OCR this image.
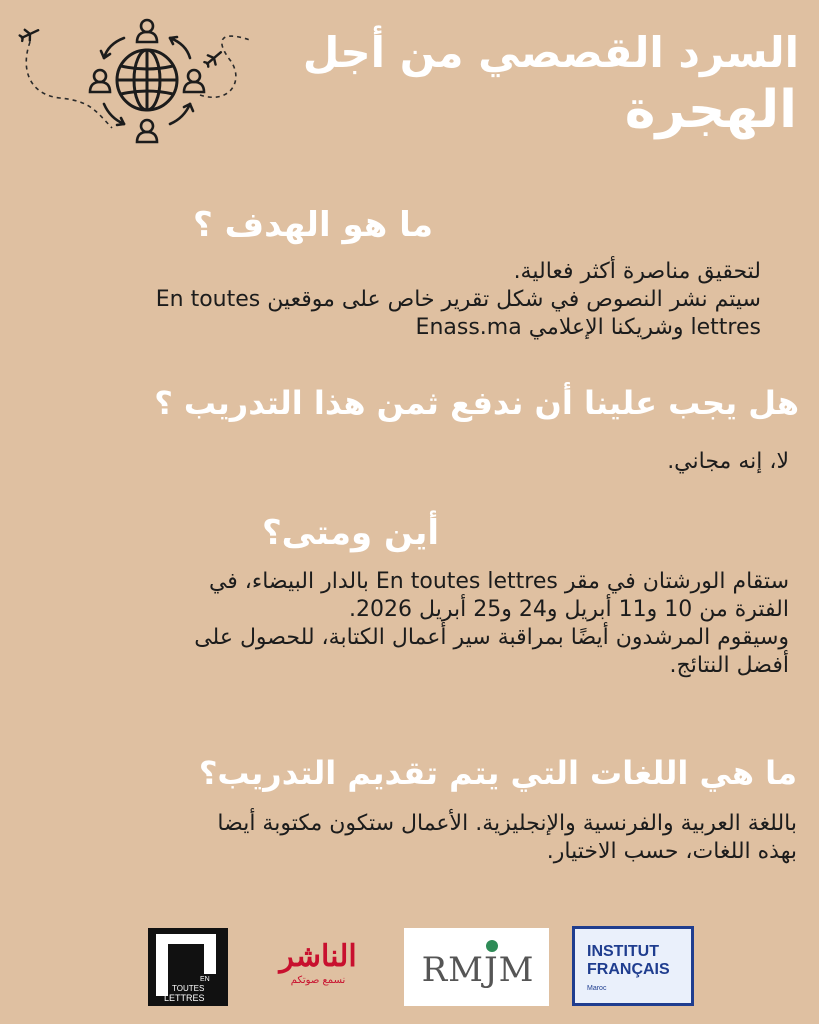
السرد القصصي من أجل
الهجرة
ما هو الهدف ؟

لتحقيق مناصرة أكثر فعالية.

سيتم نشر النصوص في شكل تقرير خاص على موقعين En toutes

lettres وشريكنا الإعلامي Enass.ma

هل يجب علينا أن ندفع ثمن هذا التدريب ؟

لا، إنه مجاني.

أين ومتى؟

ستقام الورشتان في مقر En toutes lettres بالدار البيضاء، في

الفترة من 10 و11 أبريل و24 و25 أبريل 2026.

وسيقوم المرشدون أيضًا بمراقبة سير أعمال الكتابة، للحصول على

أفضل النتائج.

ما هي اللغات التي يتم تقديم التدريب؟

باللغة العربية والفرنسية والإنجليزية. الأعمال ستكون مكتوبة أيضا

بهذه اللغات، حسب الاختيار.

EN
TOUTES
LETTRES
الناشر
نسمع صوتكم	RMJM	INSTITUT
FRANÇAIS
Maroc
